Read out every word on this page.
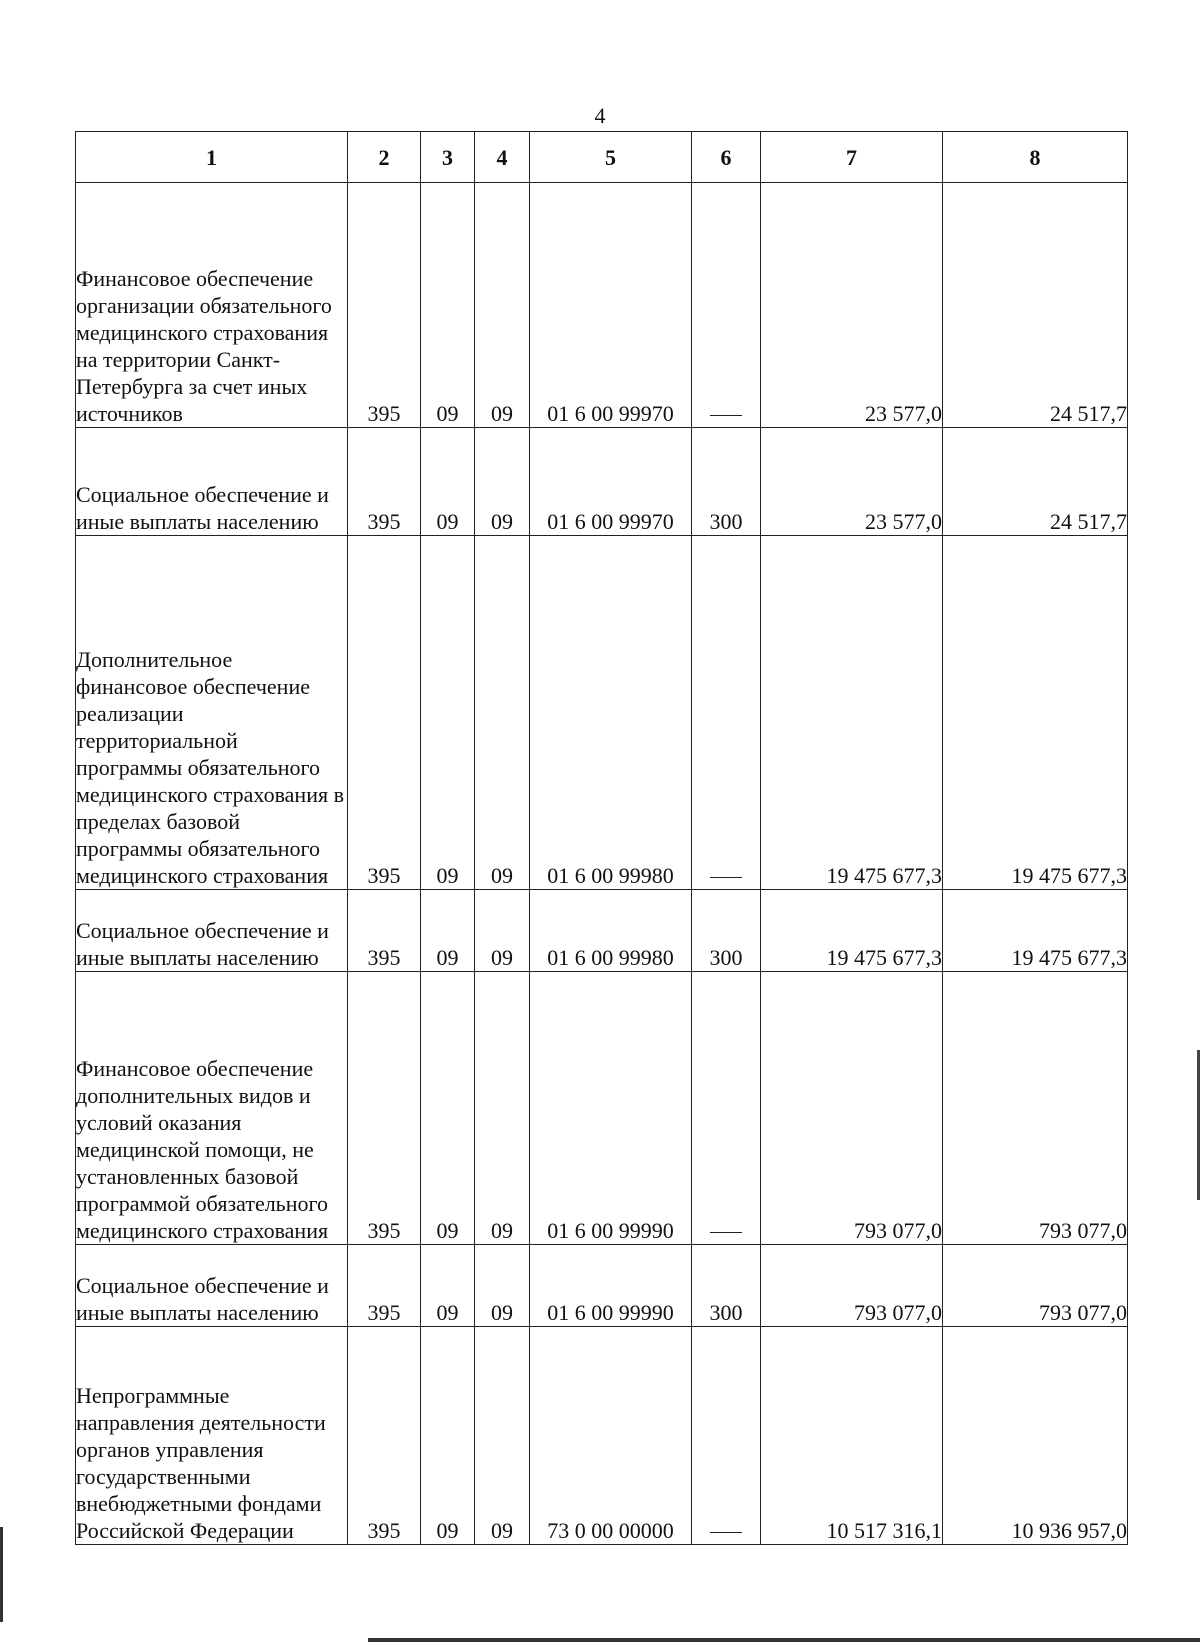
4
1	2	3	4	5	6	7	8
Финансовое обеспечение организации обязательного медицинского страхования на территории Санкт-Петербурга за счет иных источников	395	09	09	01 6 00 99970		23 577,0	24 517,7
Социальное обеспечение и иные выплаты населению	395	09	09	01 6 00 99970	300	23 577,0	24 517,7
Дополнительное финансовое обеспечение реализации территориальной программы обязательного медицинского страхования в пределах базовой программы обязательного медицинского страхования	395	09	09	01 6 00 99980		19 475 677,3	19 475 677,3
Социальное обеспечение и иные выплаты населению	395	09	09	01 6 00 99980	300	19 475 677,3	19 475 677,3
Финансовое обеспечение дополнительных видов и условий оказания медицинской помощи, не установленных базовой программой обязательного медицинского страхования	395	09	09	01 6 00 99990		793 077,0	793 077,0
Социальное обеспечение и иные выплаты населению	395	09	09	01 6 00 99990	300	793 077,0	793 077,0
Непрограммные направления деятельности органов управления государственными внебюджетными фондами Российской Федерации	395	09	09	73 0 00 00000		10 517 316,1	10 936 957,0
